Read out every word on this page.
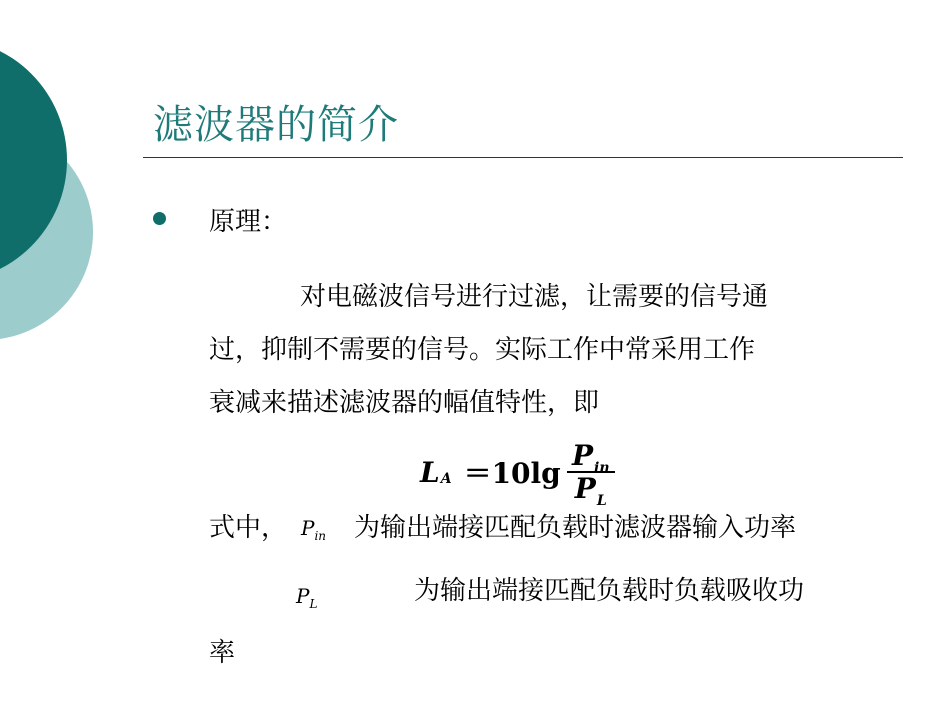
滤波器的简介
原理：
对电磁波信号进行过滤，让需要的信号通
过，抑制不需要的信号。实际工作中常采用工作
衰减来描述滤波器的幅值特性，即
L $A =10\lg \frac{P_{in}}{P_L}$
式中， $P_{in}$ 为输出端接匹配负载时滤波器输入功率
$P_L$	为输出端接匹配负载时负载吸收功
率
